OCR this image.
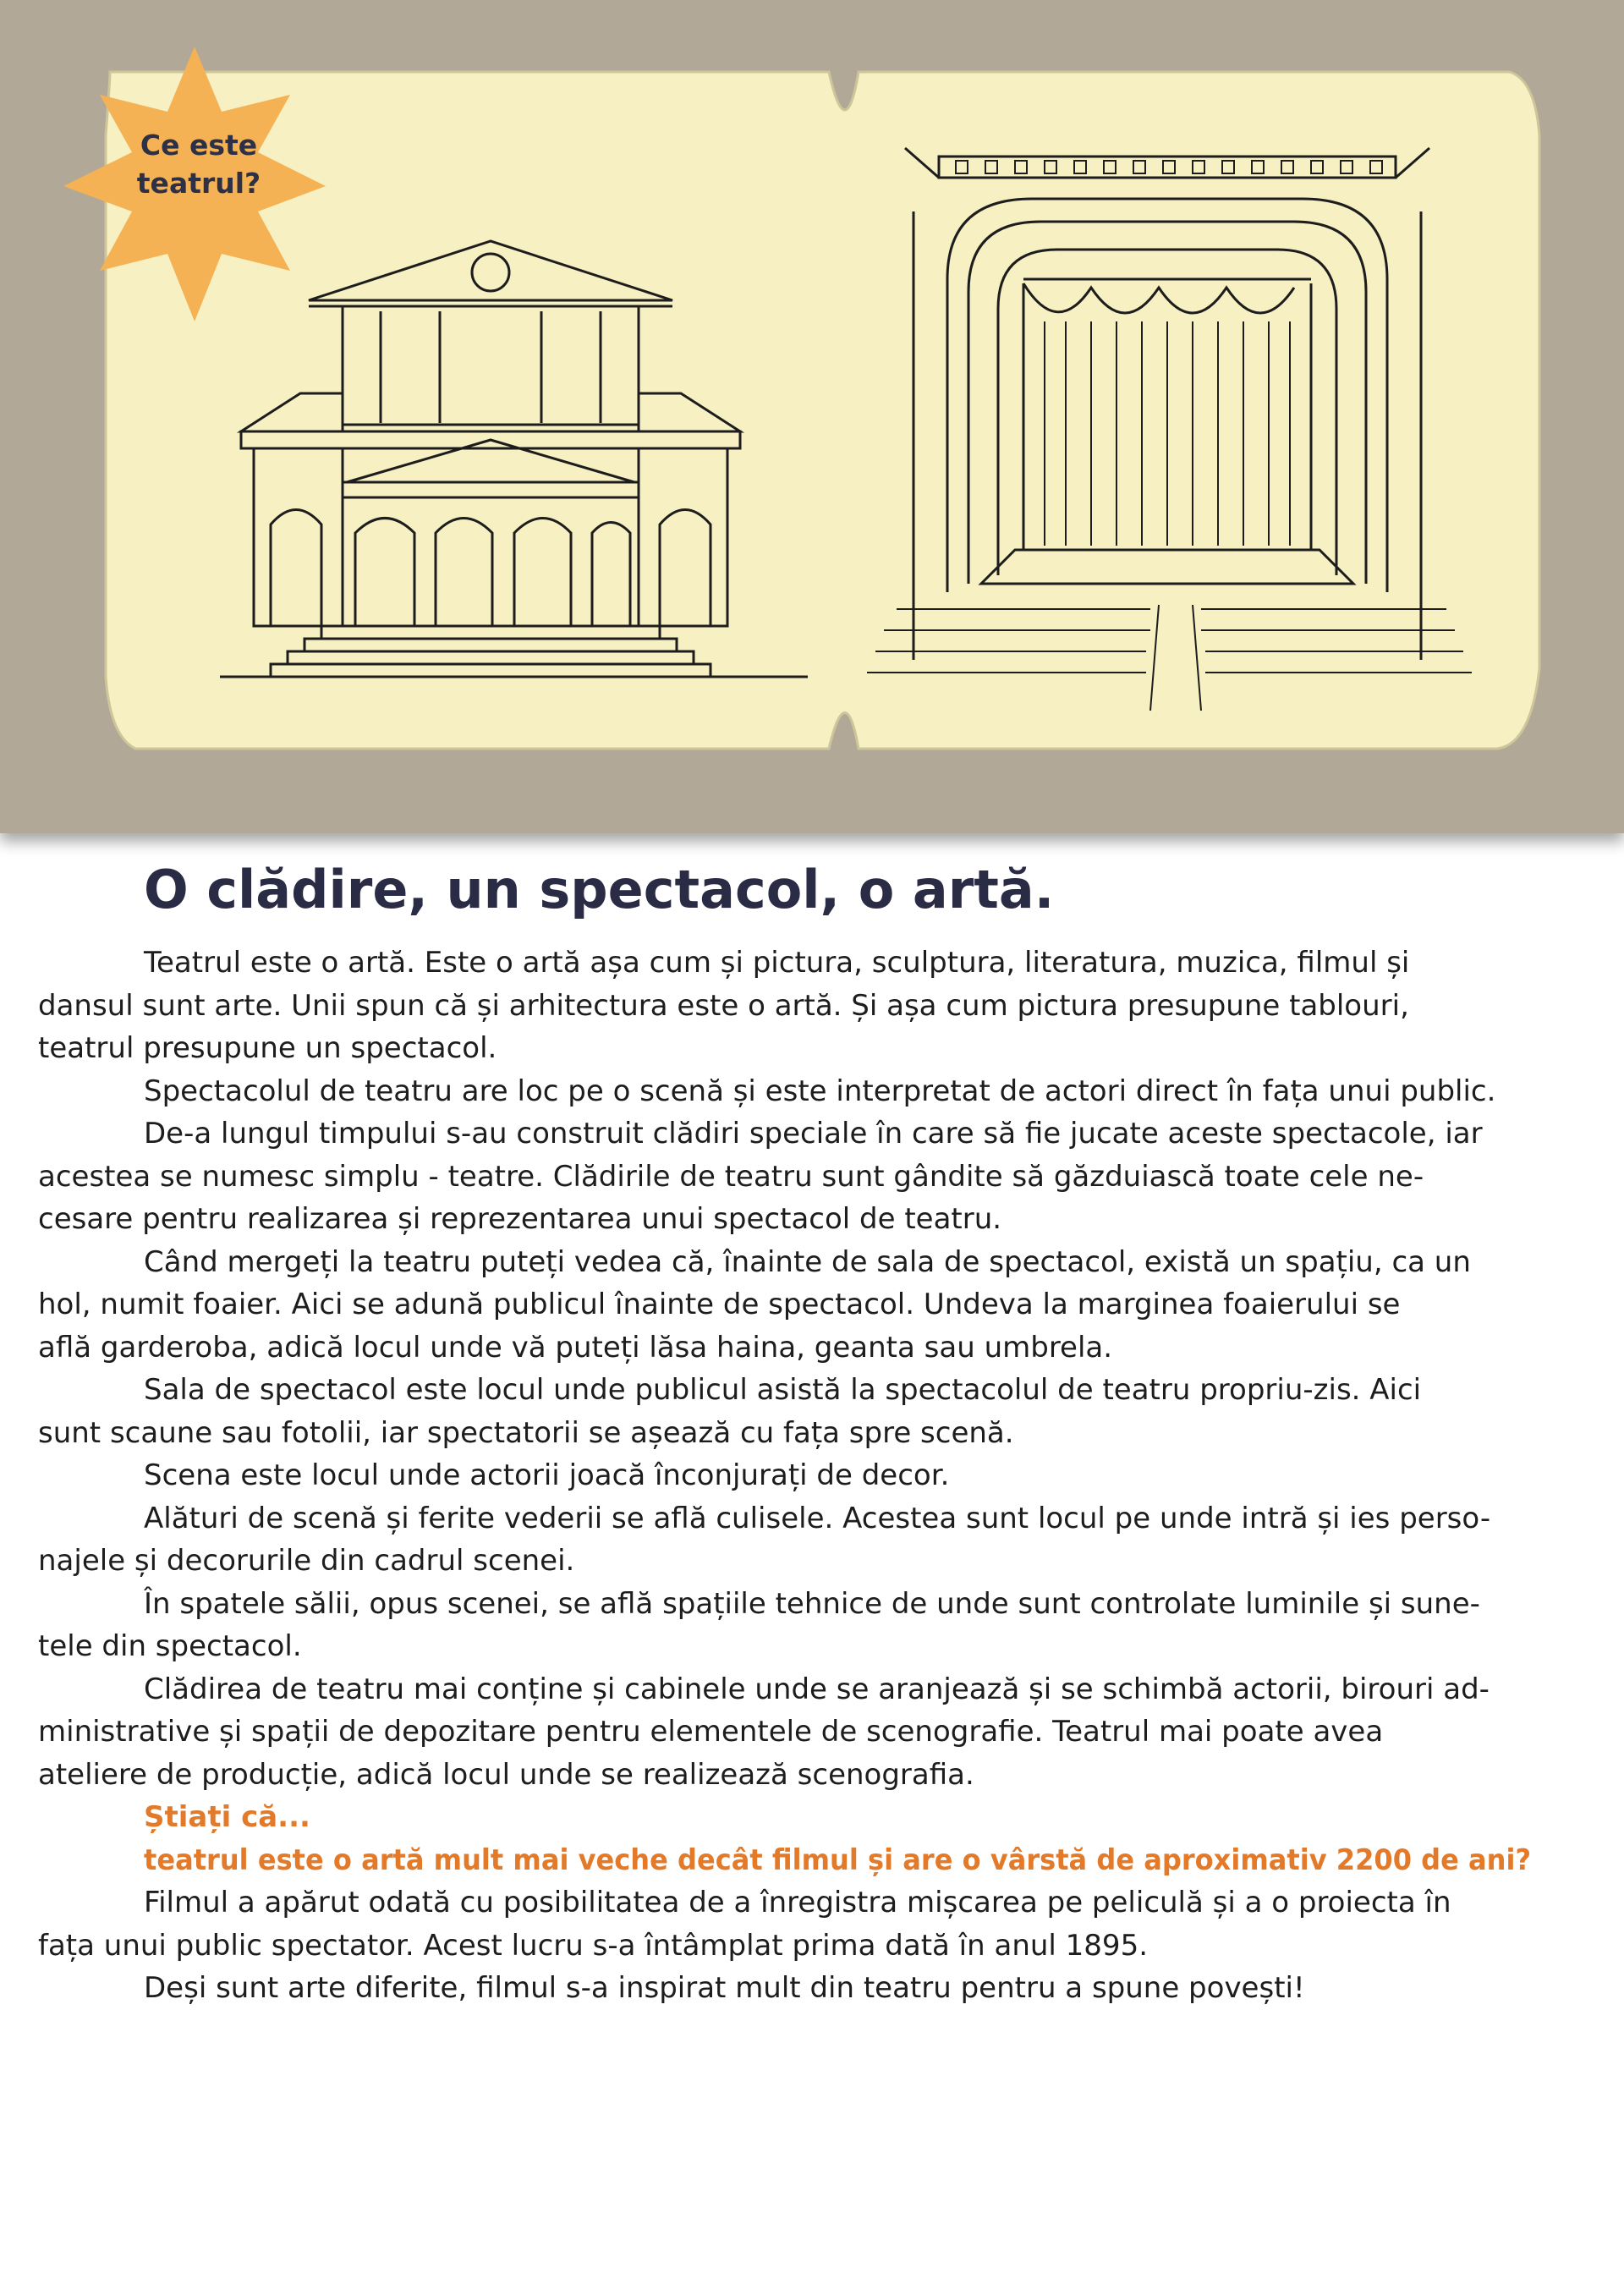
Ce este
teatrul?
O clădire, un spectacol, o artă.
Teatrul este o artă. Este o artă așa cum și pictura, sculptura, literatura, muzica, filmul și
dansul sunt arte. Unii spun că și arhitectura este o artă. Și așa cum pictura presupune tablouri,
teatrul presupune un spectacol.
Spectacolul de teatru are loc pe o scenă și este interpretat de actori direct în fața unui public.
De-a lungul timpului s-au construit clădiri speciale în care să fie jucate aceste spectacole, iar
acestea se numesc simplu - teatre. Clădirile de teatru sunt gândite să găzduiască toate cele ne-
cesare pentru realizarea și reprezentarea unui spectacol de teatru.
Când mergeți la teatru puteți vedea că, înainte de sala de spectacol, există un spațiu, ca un
hol, numit foaier. Aici se adună publicul înainte de spectacol. Undeva la marginea foaierului se
află garderoba, adică locul unde vă puteți lăsa haina, geanta sau umbrela.
Sala de spectacol este locul unde publicul asistă la spectacolul de teatru propriu-zis. Aici
sunt scaune sau fotolii, iar spectatorii se așează cu fața spre scenă.
Scena este locul unde actorii joacă înconjurați de decor.
Alături de scenă și ferite vederii se află culisele. Acestea sunt locul pe unde intră și ies perso-
najele și decorurile din cadrul scenei.
În spatele sălii, opus scenei, se află spațiile tehnice de unde sunt controlate luminile și sune-
tele din spectacol.
Clădirea de teatru mai conține și cabinele unde se aranjează și se schimbă actorii, birouri ad-
ministrative și spații de depozitare pentru elementele de scenografie. Teatrul mai poate avea
ateliere de producție, adică locul unde se realizează scenografia.
Știați că...
teatrul este o artă mult mai veche decât filmul și are o vârstă de aproximativ 2200 de ani?
Filmul a apărut odată cu posibilitatea de a înregistra mișcarea pe peliculă și a o proiecta în
fața unui public spectator. Acest lucru s-a întâmplat prima dată în anul 1895.
Deși sunt arte diferite, filmul s-a inspirat mult din teatru pentru a spune povești!
